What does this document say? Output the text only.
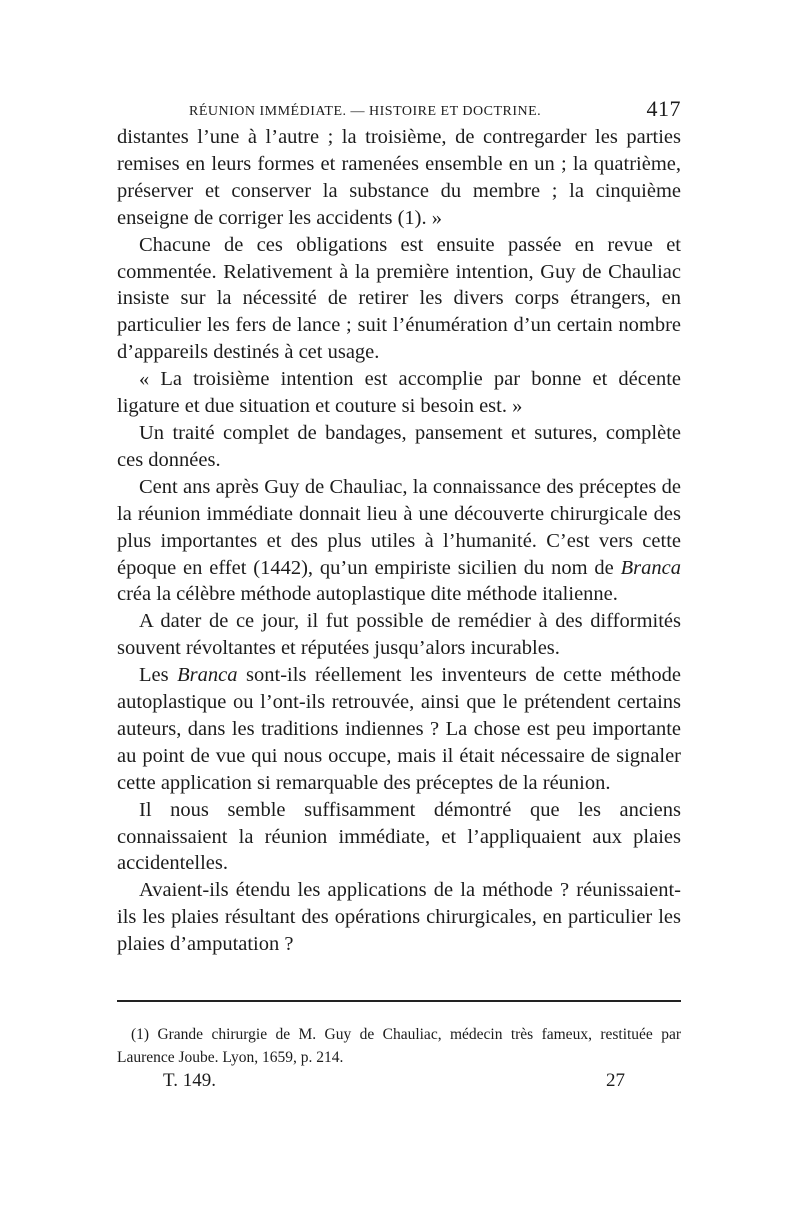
RÉUNION IMMÉDIATE. — HISTOIRE ET DOCTRINE.	417

distantes l’une à l’autre ; la troisième, de contregarder les parties remises en leurs formes et ramenées ensemble en un ; la quatrième, préserver et conserver la substance du membre ; la cinquième enseigne de corriger les accidents (1). »

Chacune de ces obligations est ensuite passée en revue et commentée. Relativement à la première intention, Guy de Chauliac insiste sur la nécessité de retirer les divers corps étrangers, en particulier les fers de lance ; suit l’énumération d’un certain nombre d’appareils destinés à cet usage.

« La troisième intention est accomplie par bonne et décente ligature et due situation et couture si besoin est. »

Un traité complet de bandages, pansement et sutures, complète ces données.

Cent ans après Guy de Chauliac, la connaissance des préceptes de la réunion immédiate donnait lieu à une découverte chirurgicale des plus importantes et des plus utiles à l’humanité. C’est vers cette époque en effet (1442), qu’un empiriste sicilien du nom de Branca créa la célèbre méthode autoplastique dite méthode italienne.

A dater de ce jour, il fut possible de remédier à des difformités souvent révoltantes et réputées jusqu’alors incurables.

Les Branca sont-ils réellement les inventeurs de cette méthode autoplastique ou l’ont-ils retrouvée, ainsi que le prétendent certains auteurs, dans les traditions indiennes ? La chose est peu importante au point de vue qui nous occupe, mais il était nécessaire de signaler cette application si remarquable des préceptes de la réunion.

Il nous semble suffisamment démontré que les anciens connaissaient la réunion immédiate, et l’appliquaient aux plaies accidentelles.

Avaient-ils étendu les applications de la méthode ? réunissaient-ils les plaies résultant des opérations chirurgicales, en particulier les plaies d’amputation ?

(1) Grande chirurgie de M. Guy de Chauliac, médecin très fameux, restituée par Laurence Joube. Lyon, 1659, p. 214.
T. 149.	27
